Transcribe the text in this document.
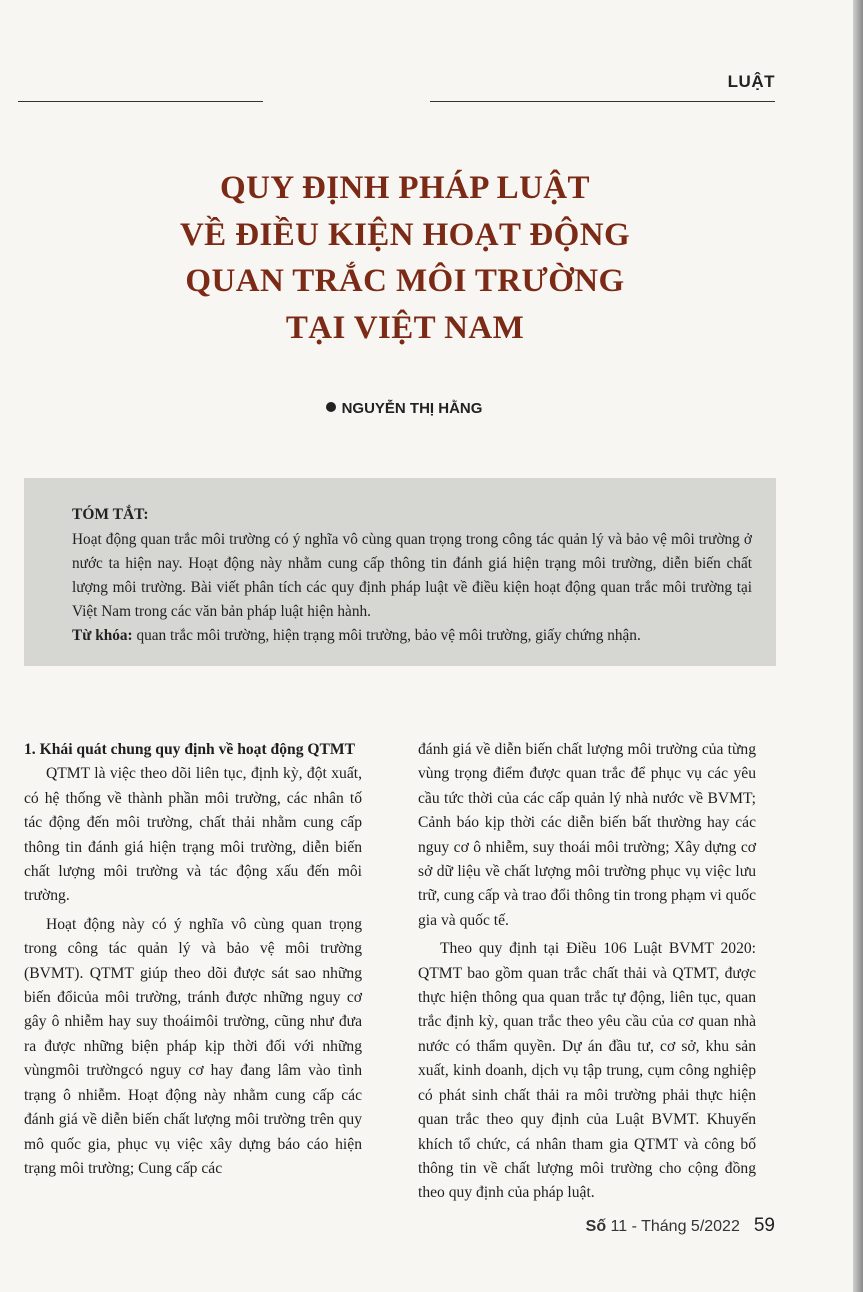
LUẬT
QUY ĐỊNH PHÁP LUẬT
VỀ ĐIỀU KIỆN HOẠT ĐỘNG
QUAN TRẮC MÔI TRƯỜNG
TẠI VIỆT NAM
NGUYỄN THỊ HẰNG
TÓM TẮT:

Hoạt động quan trắc môi trường có ý nghĩa vô cùng quan trọng trong công tác quản lý và bảo vệ môi trường ở nước ta hiện nay. Hoạt động này nhằm cung cấp thông tin đánh giá hiện trạng môi trường, diễn biến chất lượng môi trường. Bài viết phân tích các quy định pháp luật về điều kiện hoạt động quan trắc môi trường tại Việt Nam trong các văn bản pháp luật hiện hành.

Từ khóa: quan trắc môi trường, hiện trạng môi trường, bảo vệ môi trường, giấy chứng nhận.

1. Khái quát chung quy định về hoạt động QTMT

QTMT là việc theo dõi liên tục, định kỳ, đột xuất, có hệ thống về thành phần môi trường, các nhân tố tác động đến môi trường, chất thải nhằm cung cấp thông tin đánh giá hiện trạng môi trường, diễn biến chất lượng môi trường và tác động xấu đến môi trường.

Hoạt động này có ý nghĩa vô cùng quan trọng trong công tác quản lý và bảo vệ môi trường (BVMT). QTMT giúp theo dõi được sát sao những biến đổicủa môi trường, tránh được những nguy cơ gây ô nhiễm hay suy thoáimôi trường, cũng như đưa ra được những biện pháp kịp thời đối với những vùngmôi trườngcó nguy cơ hay đang lâm vào tình trạng ô nhiễm. Hoạt động này nhằm cung cấp các đánh giá về diễn biến chất lượng môi trường trên quy mô quốc gia, phục vụ việc xây dựng báo cáo hiện trạng môi trường; Cung cấp các

đánh giá về diễn biến chất lượng môi trường của từng vùng trọng điểm được quan trắc để phục vụ các yêu cầu tức thời của các cấp quản lý nhà nước về BVMT; Cảnh báo kịp thời các diễn biến bất thường hay các nguy cơ ô nhiễm, suy thoái môi trường; Xây dựng cơ sở dữ liệu về chất lượng môi trường phục vụ việc lưu trữ, cung cấp và trao đổi thông tin trong phạm vi quốc gia và quốc tế.

Theo quy định tại Điều 106 Luật BVMT 2020: QTMT bao gồm quan trắc chất thải và QTMT, được thực hiện thông qua quan trắc tự động, liên tục, quan trắc định kỳ, quan trắc theo yêu cầu của cơ quan nhà nước có thẩm quyền. Dự án đầu tư, cơ sở, khu sản xuất, kinh doanh, dịch vụ tập trung, cụm công nghiệp có phát sinh chất thải ra môi trường phải thực hiện quan trắc theo quy định của Luật BVMT. Khuyến khích tổ chức, cá nhân tham gia QTMT và công bố thông tin về chất lượng môi trường cho cộng đồng theo quy định của pháp luật.

Số 11 - Tháng 5/2022 59
